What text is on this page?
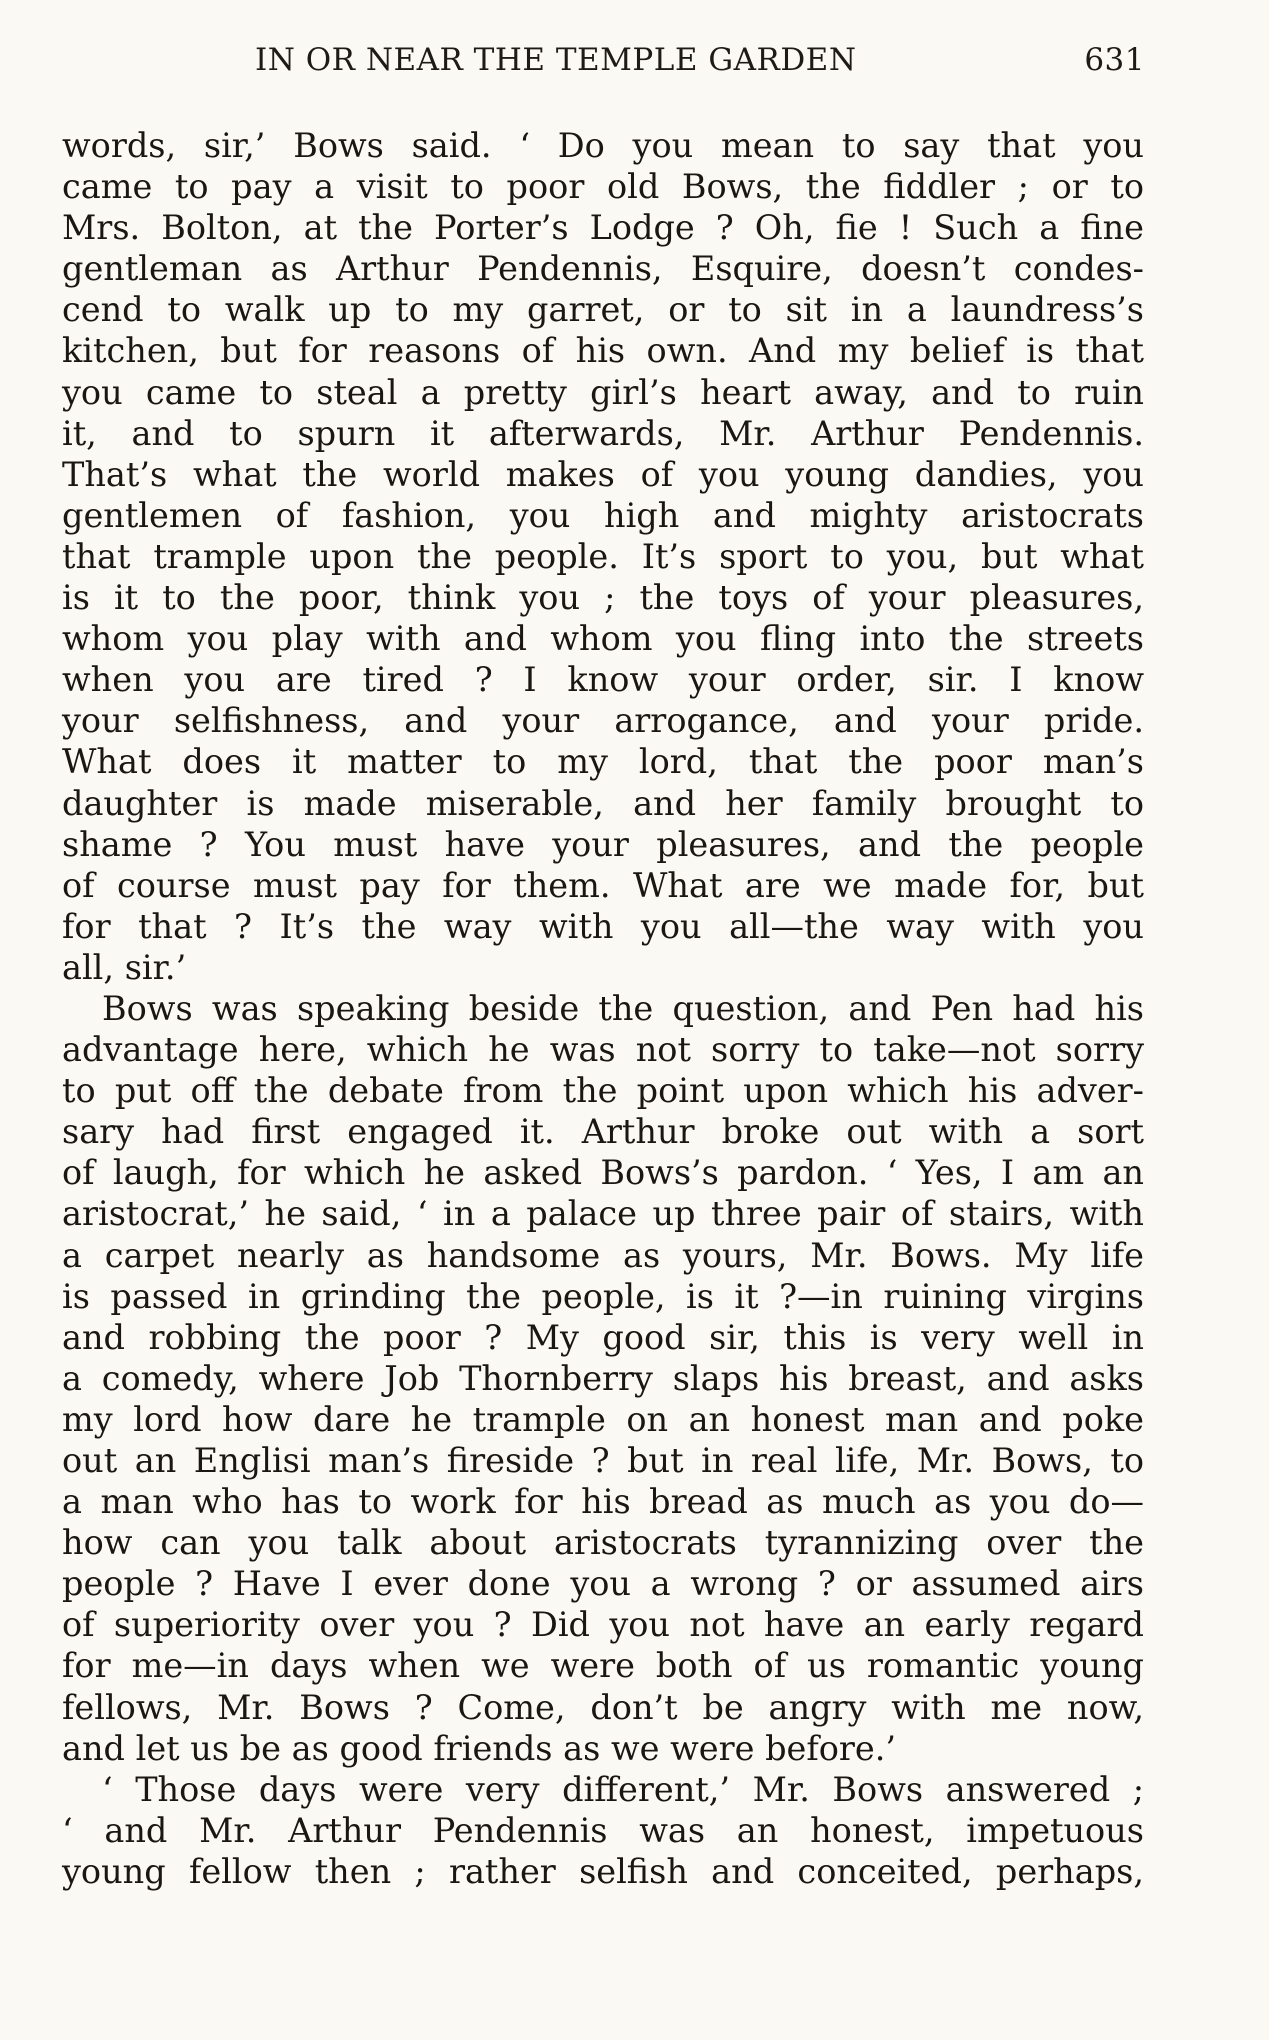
IN OR NEAR THE TEMPLE GARDEN	631
words, sir,’ Bows said. ‘ Do you mean to say that you
came to pay a visit to poor old Bows, the fiddler ; or to
Mrs. Bolton, at the Porter’s Lodge ? Oh, fie ! Such a fine
gentleman as Arthur Pendennis, Esquire, doesn’t condes-
cend to walk up to my garret, or to sit in a laundress’s
kitchen, but for reasons of his own. And my belief is that
you came to steal a pretty girl’s heart away, and to ruin
it, and to spurn it afterwards, Mr. Arthur Pendennis.
That’s what the world makes of you young dandies, you
gentlemen of fashion, you high and mighty aristocrats
that trample upon the people. It’s sport to you, but what
is it to the poor, think you ; the toys of your pleasures,
whom you play with and whom you fling into the streets
when you are tired ? I know your order, sir. I know
your selfishness, and your arrogance, and your pride.
What does it matter to my lord, that the poor man’s
daughter is made miserable, and her family brought to
shame ? You must have your pleasures, and the people
of course must pay for them. What are we made for, but
for that ? It’s the way with you all—the way with you
all, sir.’
Bows was speaking beside the question, and Pen had his
advantage here, which he was not sorry to take—not sorry
to put off the debate from the point upon which his adver-
sary had first engaged it. Arthur broke out with a sort
of laugh, for which he asked Bows’s pardon. ‘ Yes, I am an
aristocrat,’ he said, ‘ in a palace up three pair of stairs, with
a carpet nearly as handsome as yours, Mr. Bows. My life
is passed in grinding the people, is it ?—in ruining virgins
and robbing the poor ? My good sir, this is very well in
a comedy, where Job Thornberry slaps his breast, and asks
my lord how dare he trample on an honest man and poke
out an Englisi man’s fireside ? but in real life, Mr. Bows, to
a man who has to work for his bread as much as you do—
how can you talk about aristocrats tyrannizing over the
people ? Have I ever done you a wrong ? or assumed airs
of superiority over you ? Did you not have an early regard
for me—in days when we were both of us romantic young
fellows, Mr. Bows ? Come, don’t be angry with me now,
and let us be as good friends as we were before.’
‘ Those days were very different,’ Mr. Bows answered ;
‘ and Mr. Arthur Pendennis was an honest, impetuous
young fellow then ; rather selfish and conceited, perhaps,
